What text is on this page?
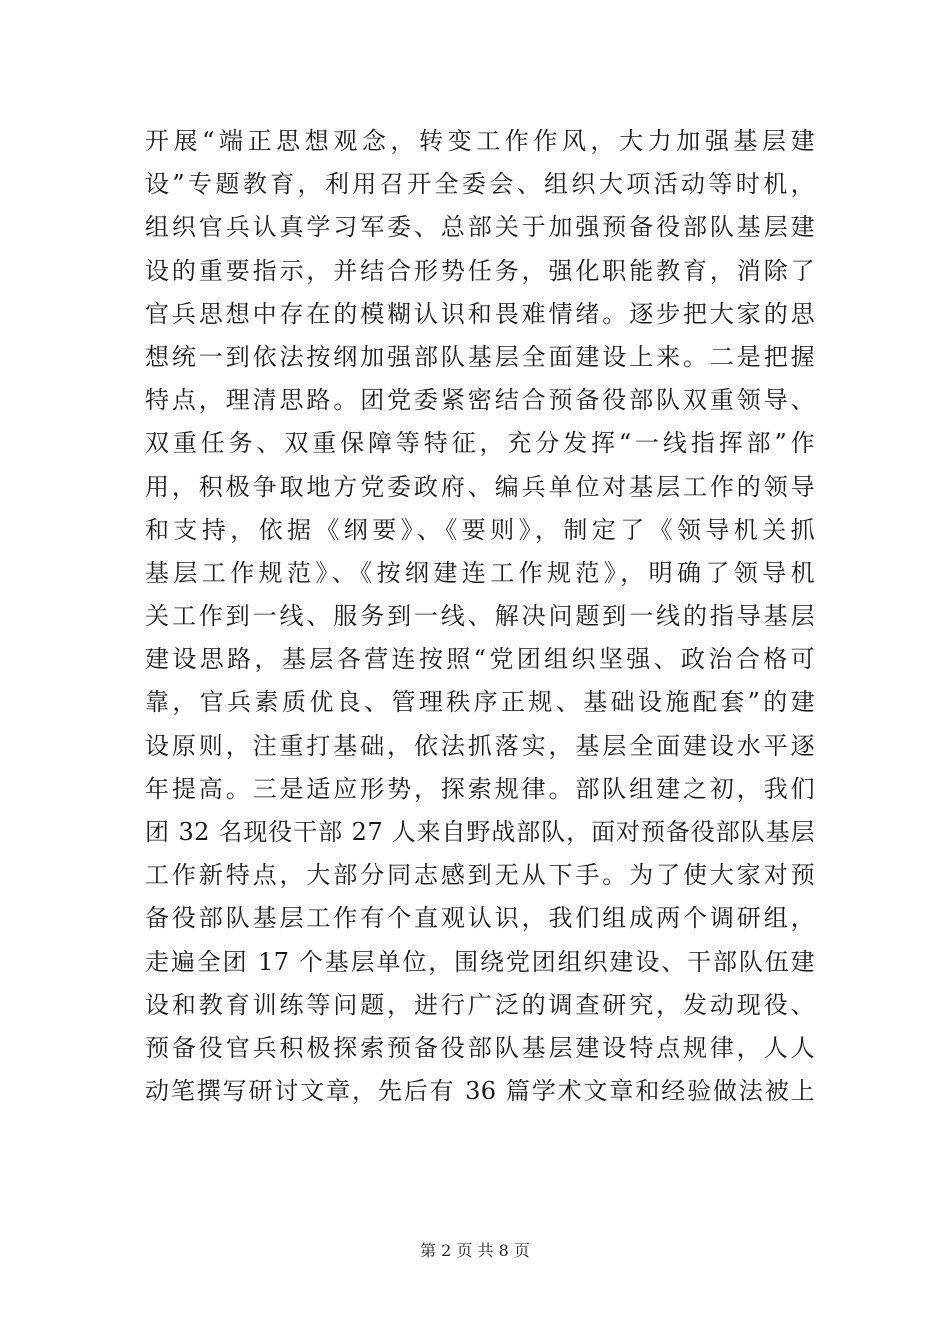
开展“端正思想观念，转变工作作风，大力加强基层建
设”专题教育，利用召开全委会、组织大项活动等时机，
组织官兵认真学习军委、总部关于加强预备役部队基层建
设的重要指示，并结合形势任务，强化职能教育，消除了
官兵思想中存在的模糊认识和畏难情绪。逐步把大家的思
想统一到依法按纲加强部队基层全面建设上来。二是把握
特点，理清思路。团党委紧密结合预备役部队双重领导、
双重任务、双重保障等特征，充分发挥“一线指挥部”作
用，积极争取地方党委政府、编兵单位对基层工作的领导
和支持，依据《纲要》、《要则》，制定了《领导机关抓
基层工作规范》、《按纲建连工作规范》，明确了领导机
关工作到一线、服务到一线、解决问题到一线的指导基层
建设思路，基层各营连按照“党团组织坚强、政治合格可
靠，官兵素质优良、管理秩序正规、基础设施配套”的建
设原则，注重打基础，依法抓落实，基层全面建设水平逐
年提高。三是适应形势，探索规律。部队组建之初，我们
团 32 名现役干部 27 人来自野战部队，面对预备役部队基层
工作新特点，大部分同志感到无从下手。为了使大家对预
备役部队基层工作有个直观认识，我们组成两个调研组，
走遍全团 17 个基层单位，围绕党团组织建设、干部队伍建
设和教育训练等问题，进行广泛的调查研究，发动现役、
预备役官兵积极探索预备役部队基层建设特点规律，人人
动笔撰写研讨文章，先后有 36 篇学术文章和经验做法被上
第 2 页 共 8 页
